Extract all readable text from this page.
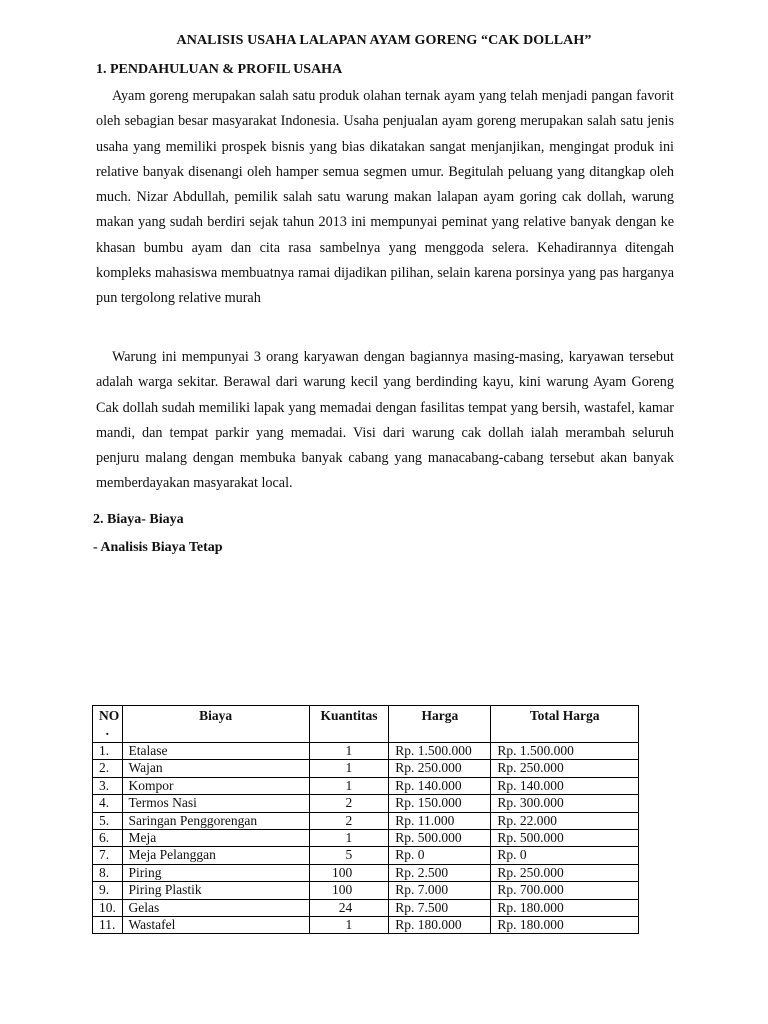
ANALISIS USAHA LALAPAN AYAM GORENG “CAK DOLLAH”
1. PENDAHULUAN & PROFIL USAHA

Ayam goreng merupakan salah satu produk olahan ternak ayam yang telah menjadi pangan favorit oleh sebagian besar masyarakat Indonesia. Usaha penjualan ayam goreng merupakan salah satu jenis usaha yang memiliki prospek bisnis yang bias dikatakan sangat menjanjikan, mengingat produk ini relative banyak disenangi oleh hamper semua segmen umur. Begitulah peluang yang ditangkap oleh much. Nizar Abdullah, pemilik salah satu warung makan lalapan ayam goring cak dollah, warung makan yang sudah berdiri sejak tahun 2013 ini mempunyai peminat yang relative banyak dengan ke khasan bumbu ayam dan cita rasa sambelnya yang menggoda selera. Kehadirannya ditengah kompleks mahasiswa membuatnya ramai dijadikan pilihan, selain karena porsinya yang pas harganya pun tergolong relative murah

Warung ini mempunyai 3 orang karyawan dengan bagiannya masing-masing, karyawan tersebut adalah warga sekitar. Berawal dari warung kecil yang berdinding kayu, kini warung Ayam Goreng Cak dollah sudah memiliki lapak yang memadai dengan fasilitas tempat yang bersih, wastafel, kamar mandi, dan tempat parkir yang memadai. Visi dari warung cak dollah ialah merambah seluruh penjuru malang dengan membuka banyak cabang yang manacabang-cabang tersebut akan banyak memberdayakan masyarakat local.

2. Biaya- Biaya
- Analisis Biaya Tetap
NO .	Biaya	Kuantitas	Harga	Total Harga
1.	Etalase	1	Rp. 1.500.000	Rp. 1.500.000
2.	Wajan	1	Rp. 250.000	Rp. 250.000
3.	Kompor	1	Rp. 140.000	Rp. 140.000
4.	Termos Nasi	2	Rp. 150.000	Rp. 300.000
5.	Saringan Penggorengan	2	Rp. 11.000	Rp. 22.000
6.	Meja	1	Rp. 500.000	Rp. 500.000
7.	Meja Pelanggan	5	Rp. 0	Rp. 0
8.	Piring	100	Rp. 2.500	Rp. 250.000
9.	Piring Plastik	100	Rp. 7.000	Rp. 700.000
10.	Gelas	24	Rp. 7.500	Rp. 180.000
11.	Wastafel	1	Rp. 180.000	Rp. 180.000
